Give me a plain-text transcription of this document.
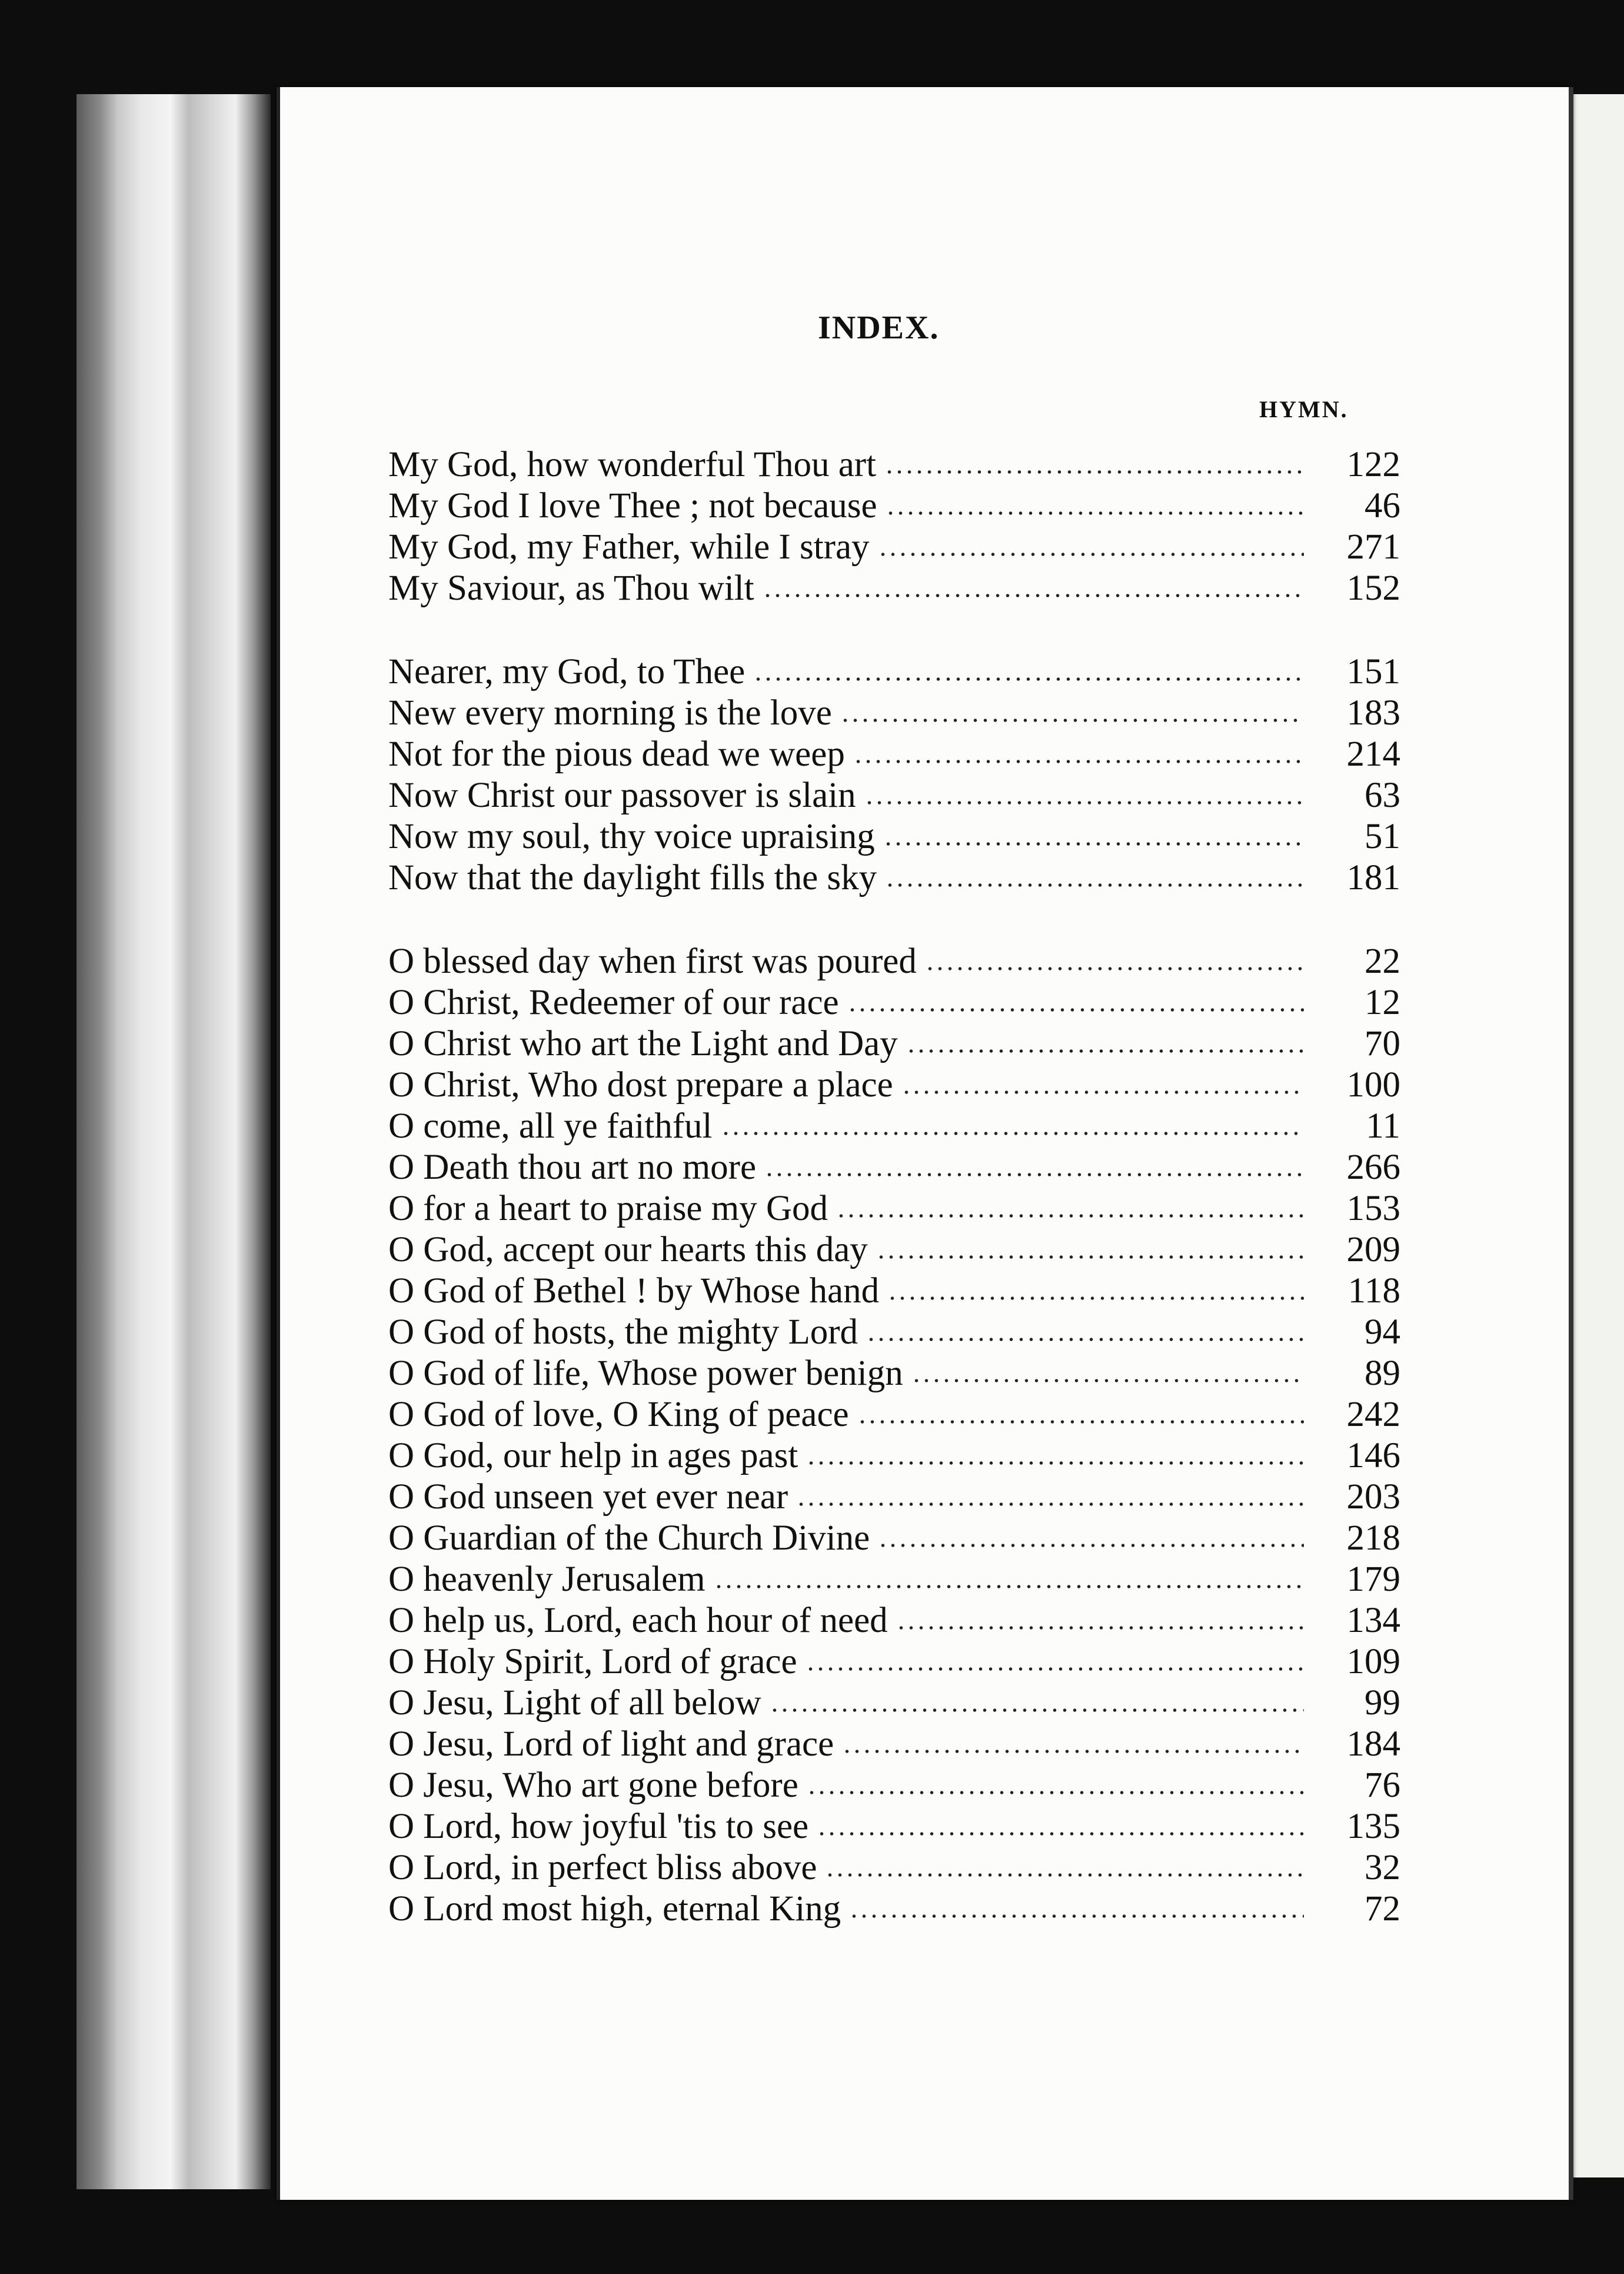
INDEX.
HYMN.
My God, how wonderful Thou art	122
My God I love Thee ; not because	46
My God, my Father, while I stray	271
My Saviour, as Thou wilt	152
Nearer, my God, to Thee	151
New every morning is the love	183
Not for the pious dead we weep	214
Now Christ our passover is slain	63
Now my soul, thy voice upraising	51
Now that the daylight fills the sky	181
O blessed day when first was poured	22
O Christ, Redeemer of our race	12
O Christ who art the Light and Day	70
O Christ, Who dost prepare a place	100
O come, all ye faithful	11
O Death thou art no more	266
O for a heart to praise my God	153
O God, accept our hearts this day	209
O God of Bethel ! by Whose hand	118
O God of hosts, the mighty Lord	94
O God of life, Whose power benign	89
O God of love, O King of peace	242
O God, our help in ages past	146
O God unseen yet ever near	203
O Guardian of the Church Divine	218
O heavenly Jerusalem	179
O help us, Lord, each hour of need	134
O Holy Spirit, Lord of grace	109
O Jesu, Light of all below	99
O Jesu, Lord of light and grace	184
O Jesu, Who art gone before	76
O Lord, how joyful 'tis to see	135
O Lord, in perfect bliss above	32
O Lord most high, eternal King	72
